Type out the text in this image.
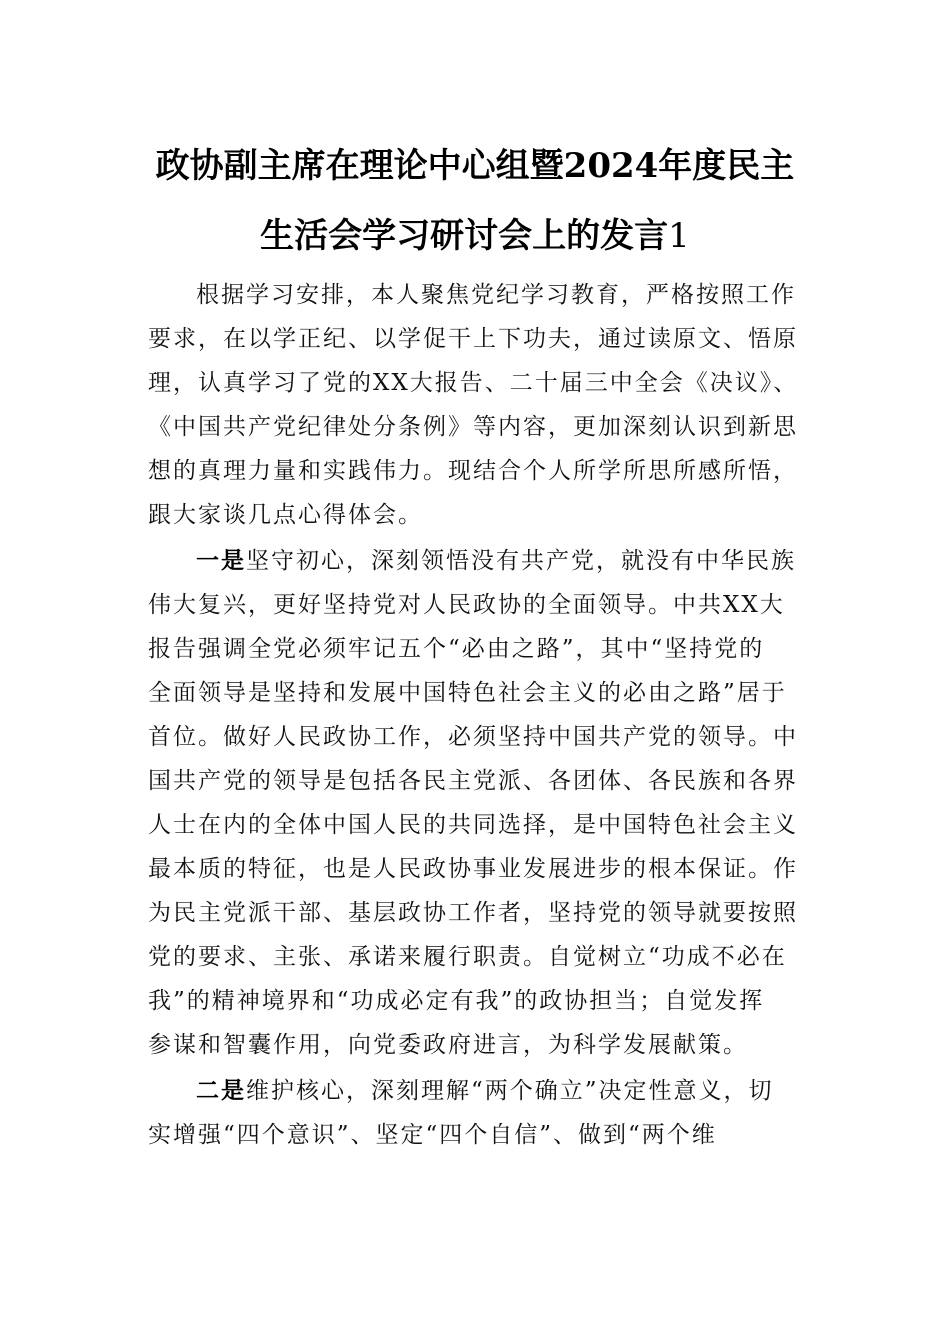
政协副主席在理论中心组暨2024年度民主
生活会学习研讨会上的发言1
根据学习安排，本人聚焦党纪学习教育，严格按照工作
要求，在以学正纪、以学促干上下功夫，通过读原文、悟原
理，认真学习了党的XX大报告、二十届三中全会《决议》、
《中国共产党纪律处分条例》等内容，更加深刻认识到新思
想的真理力量和实践伟力。现结合个人所学所思所感所悟，
跟大家谈几点心得体会。
一是坚守初心，深刻领悟没有共产党，就没有中华民族
伟大复兴，更好坚持党对人民政协的全面领导。中共XX大
报告强调全党必须牢记五个“必由之路”，其中“坚持党的
全面领导是坚持和发展中国特色社会主义的必由之路”居于
首位。做好人民政协工作，必须坚持中国共产党的领导。中
国共产党的领导是包括各民主党派、各团体、各民族和各界
人士在内的全体中国人民的共同选择，是中国特色社会主义
最本质的特征，也是人民政协事业发展进步的根本保证。作
为民主党派干部、基层政协工作者，坚持党的领导就要按照
党的要求、主张、承诺来履行职责。自觉树立“功成不必在
我”的精神境界和“功成必定有我”的政协担当；自觉发挥
参谋和智囊作用，向党委政府进言，为科学发展献策。
二是维护核心，深刻理解“两个确立”决定性意义，切
实增强“四个意识”、坚定“四个自信”、做到“两个维
